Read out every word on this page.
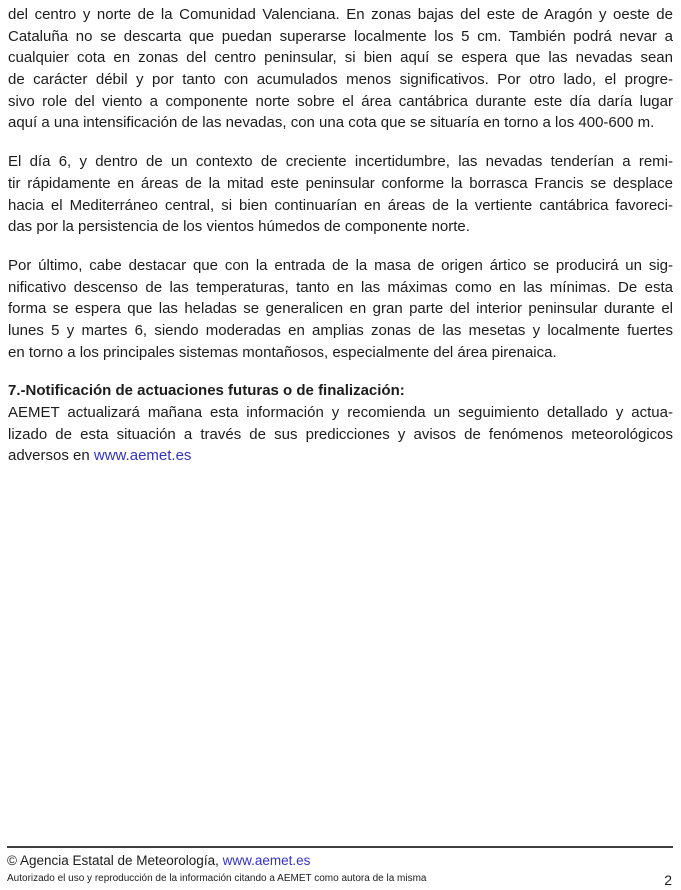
del centro y norte de la Comunidad Valenciana. En zonas bajas del este de Aragón y oeste de
Cataluña no se descarta que puedan superarse localmente los 5 cm. También podrá nevar a
cualquier cota en zonas del centro peninsular, si bien aquí se espera que las nevadas sean
de carácter débil y por tanto con acumulados menos significativos. Por otro lado, el progre-
sivo role del viento a componente norte sobre el área cantábrica durante este día daría lugar
aquí a una intensificación de las nevadas, con una cota que se situaría en torno a los 400-600 m.
El día 6, y dentro de un contexto de creciente incertidumbre, las nevadas tenderían a remi-
tir rápidamente en áreas de la mitad este peninsular conforme la borrasca Francis se desplace
hacia el Mediterráneo central, si bien continuarían en áreas de la vertiente cantábrica favoreci-
das por la persistencia de los vientos húmedos de componente norte.
Por último, cabe destacar que con la entrada de la masa de origen ártico se producirá un sig-
nificativo descenso de las temperaturas, tanto en las máximas como en las mínimas. De esta
forma se espera que las heladas se generalicen en gran parte del interior peninsular durante el
lunes 5 y martes 6, siendo moderadas en amplias zonas de las mesetas y localmente fuertes
en torno a los principales sistemas montañosos, especialmente del área pirenaica.
7.-Notificación de actuaciones futuras o de finalización:
AEMET actualizará mañana esta información y recomienda un seguimiento detallado y actua-
lizado de esta situación a través de sus predicciones y avisos de fenómenos meteorológicos
adversos en www.aemet.es
© Agencia Estatal de Meteorología, www.aemet.es
Autorizado el uso y reproducción de la información citando a AEMET como autora de la misma	2
